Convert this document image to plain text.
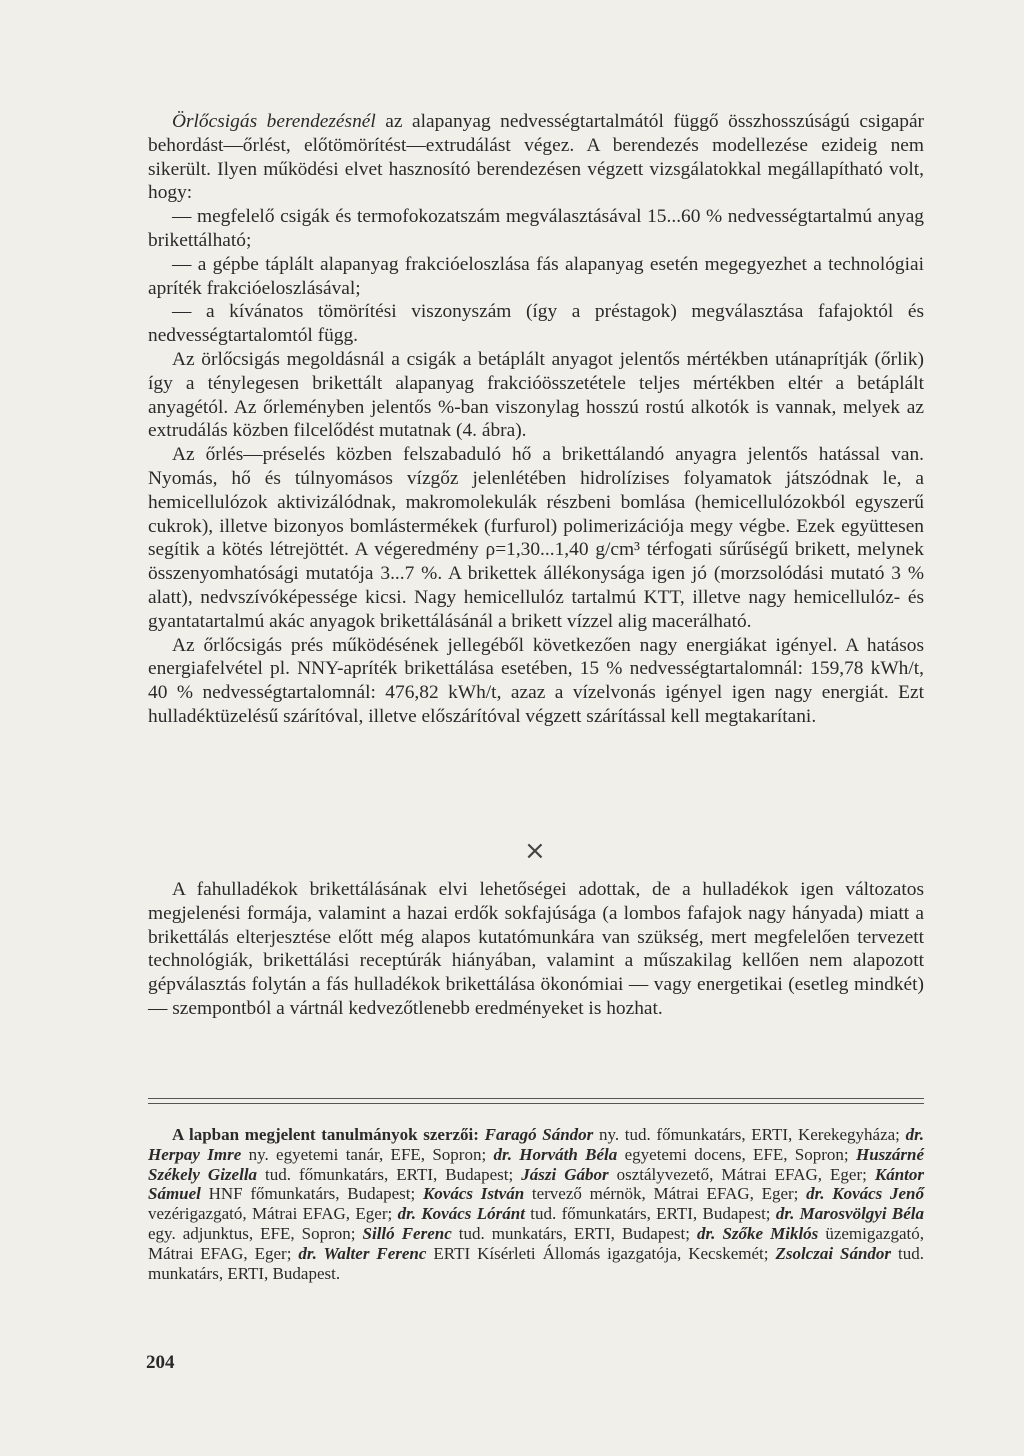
Örlőcsigás berendezésnél az alapanyag nedvességtartalmától függő összhosszúságú csigapár behordást—őrlést, előtömörítést—extrudálást végez. A berendezés modellezése ezideig nem sikerült. Ilyen működési elvet hasznosító berendezésen végzett vizsgálatokkal megállapítható volt, hogy:

— megfelelő csigák és termofokozatszám megválasztásával 15...60 % nedvességtartalmú anyag brikettálható;

— a gépbe táplált alapanyag frakcióeloszlása fás alapanyag esetén megegyezhet a technológiai apríték frakcióeloszlásával;

— a kívánatos tömörítési viszonyszám (így a préstagok) megválasztása fafajoktól és nedvességtartalomtól függ.

Az örlőcsigás megoldásnál a csigák a betáplált anyagot jelentős mértékben utánaprítják (őrlik) így a ténylegesen brikettált alapanyag frakcióösszetétele teljes mértékben eltér a betáplált anyagétól. Az őrleményben jelentős %-ban viszonylag hosszú rostú alkotók is vannak, melyek az extrudálás közben filcelődést mutatnak (4. ábra).

Az őrlés—préselés közben felszabaduló hő a brikettálandó anyagra jelentős hatással van. Nyomás, hő és túlnyomásos vízgőz jelenlétében hidrolízises folyamatok játszódnak le, a hemicellulózok aktivizálódnak, makromolekulák részbeni bomlása (hemicellulózokból egyszerű cukrok), illetve bizonyos bomlástermékek (furfurol) polimerizációja megy végbe. Ezek együttesen segítik a kötés létrejöttét. A végeredmény ρ=1,30...1,40 g/cm³ térfogati sűrűségű brikett, melynek összenyomhatósági mutatója 3...7 %. A brikettek állékonysága igen jó (morzsolódási mutató 3 % alatt), nedvszívóképessége kicsi. Nagy hemicellulóz tartalmú KTT, illetve nagy hemicellulóz- és gyantatartalmú akác anyagok brikettálásánál a brikett vízzel alig macerálható.

Az őrlőcsigás prés működésének jellegéből következően nagy energiákat igényel. A hatásos energiafelvétel pl. NNY-apríték brikettálása esetében, 15 % nedvességtartalomnál: 159,78 kWh/t, 40 % nedvességtartalomnál: 476,82 kWh/t, azaz a vízelvonás igényel igen nagy energiát. Ezt hulladéktüzelésű szárítóval, illetve előszárítóval végzett szárítással kell megtakarítani.

×

A fahulladékok brikettálásának elvi lehetőségei adottak, de a hulladékok igen változatos megjelenési formája, valamint a hazai erdők sokfajúsága (a lombos fafajok nagy hányada) miatt a brikettálás elterjesztése előtt még alapos kutatómunkára van szükség, mert megfelelően tervezett technológiák, brikettálási receptúrák hiányában, valamint a műszakilag kellően nem alapozott gépválasztás folytán a fás hulladékok brikettálása ökonómiai — vagy energetikai (esetleg mindkét) — szempontból a vártnál kedvezőtlenebb eredményeket is hozhat.

A lapban megjelent tanulmányok szerzői: Faragó Sándor ny. tud. főmunkatárs, ERTI, Kerekegyháza; dr. Herpay Imre ny. egyetemi tanár, EFE, Sopron; dr. Horváth Béla egyetemi docens, EFE, Sopron; Huszárné Székely Gizella tud. főmunkatárs, ERTI, Budapest; Jászi Gábor osztályvezető, Mátrai EFAG, Eger; Kántor Sámuel HNF főmunkatárs, Budapest; Kovács István tervező mérnök, Mátrai EFAG, Eger; dr. Kovács Jenő vezérigazgató, Mátrai EFAG, Eger; dr. Kovács Lóránt tud. főmunkatárs, ERTI, Budapest; dr. Marosvölgyi Béla egy. adjunktus, EFE, Sopron; Silló Ferenc tud. munkatárs, ERTI, Budapest; dr. Szőke Miklós üzemigazgató, Mátrai EFAG, Eger; dr. Walter Ferenc ERTI Kísérleti Állomás igazgatója, Kecskemét; Zsolczai Sándor tud. munkatárs, ERTI, Budapest.

204
